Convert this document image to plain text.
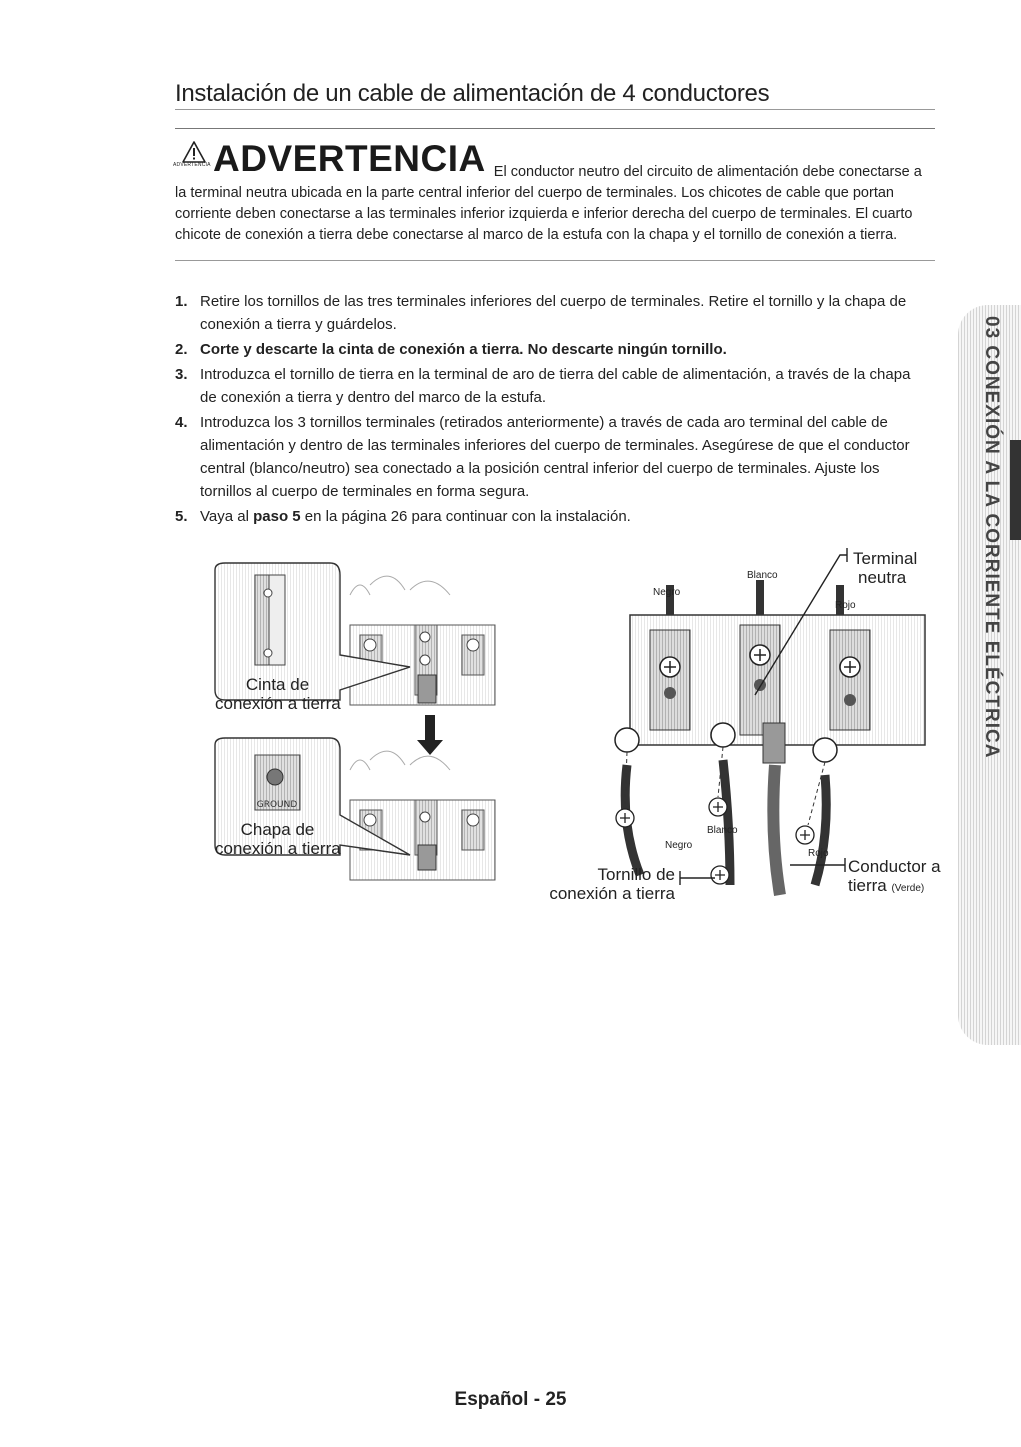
Instalación de un cable de alimentación de 4 conductores
ADVERTENCIA ADVERTENCIA El conductor neutro del circuito de alimentación debe conectarse a la terminal neutra ubicada en la parte central inferior del cuerpo de terminales. Los chicotes de cable que portan corriente deben conectarse a las terminales inferior izquierda e inferior derecha del cuerpo de terminales. El cuarto chicote de conexión a tierra debe conectarse al marco de la estufa con la chapa y el tornillo de conexión a tierra.
1. Retire los tornillos de las tres terminales inferiores del cuerpo de terminales. Retire el tornillo y la chapa de conexión a tierra y guárdelos.
2. Corte y descarte la cinta de conexión a tierra. No descarte ningún tornillo.
3. Introduzca el tornillo de tierra en la terminal de aro de tierra del cable de alimentación, a través de la chapa de conexión a tierra y dentro del marco de la estufa.
4. Introduzca los 3 tornillos terminales (retirados anteriormente) a través de cada aro terminal del cable de alimentación y dentro de las terminales inferiores del cuerpo de terminales. Asegúrese de que el conductor central (blanco/neutro) sea conectado a la posición central inferior del cuerpo de terminales. Ajuste los tornillos al cuerpo de terminales en forma segura.
5. Vaya al paso 5 en la página 26 para continuar con la instalación.	03 CONEXIÓN A LA CORRIENTE ELÉCTRICA
GROUND
Cinta de
conexión a tierra
Chapa de
conexión a tierra
Terminal
neutra
Negro
Blanco
Rojo
Negro
Blanco
Rojo
Tornillo de
conexión a tierra
Conductor a
tierra (Verde)

Español - 25
